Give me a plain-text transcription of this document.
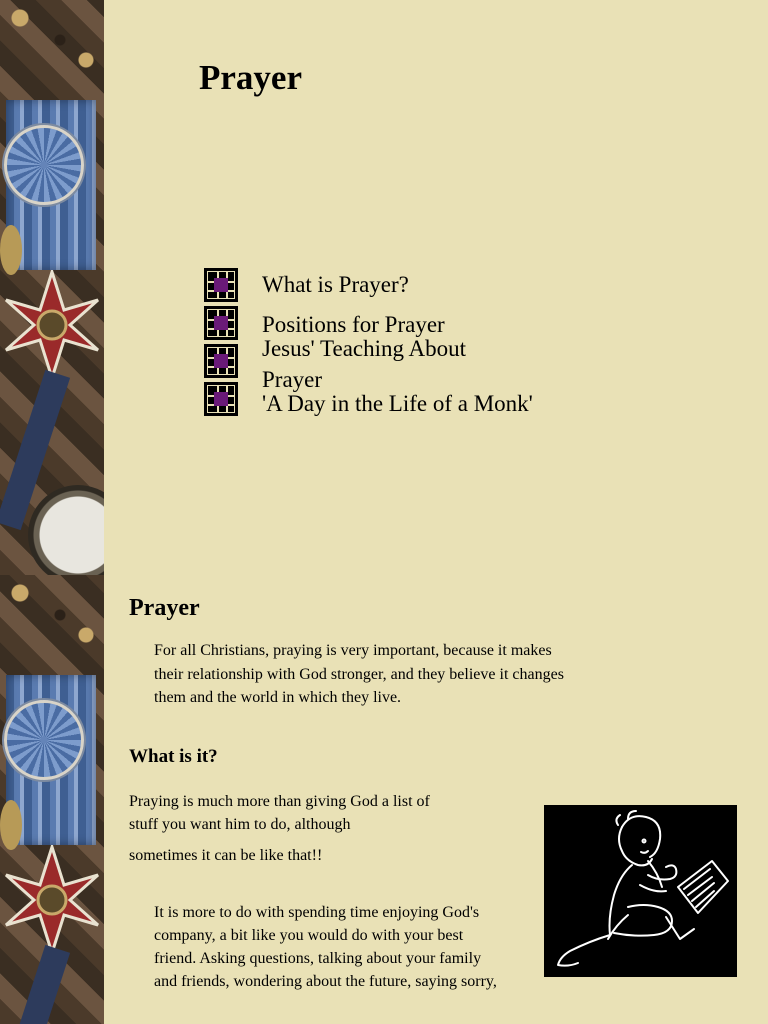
Prayer
What is Prayer?
Positions for Prayer
Jesus' Teaching About
Prayer
'A Day in the Life of a Monk'
Prayer

For all Christians, praying is very important, because it makes their relationship with God stronger, and they believe it changes them and the world in which they live.

What is it?

Praying is much more than giving God a list of stuff you want him to do, although
sometimes it can be like that!!

It is more to do with spending time enjoying God's company, a bit like you would do with your best friend. Asking questions, talking about your family and friends, wondering about the future, saying sorry,
